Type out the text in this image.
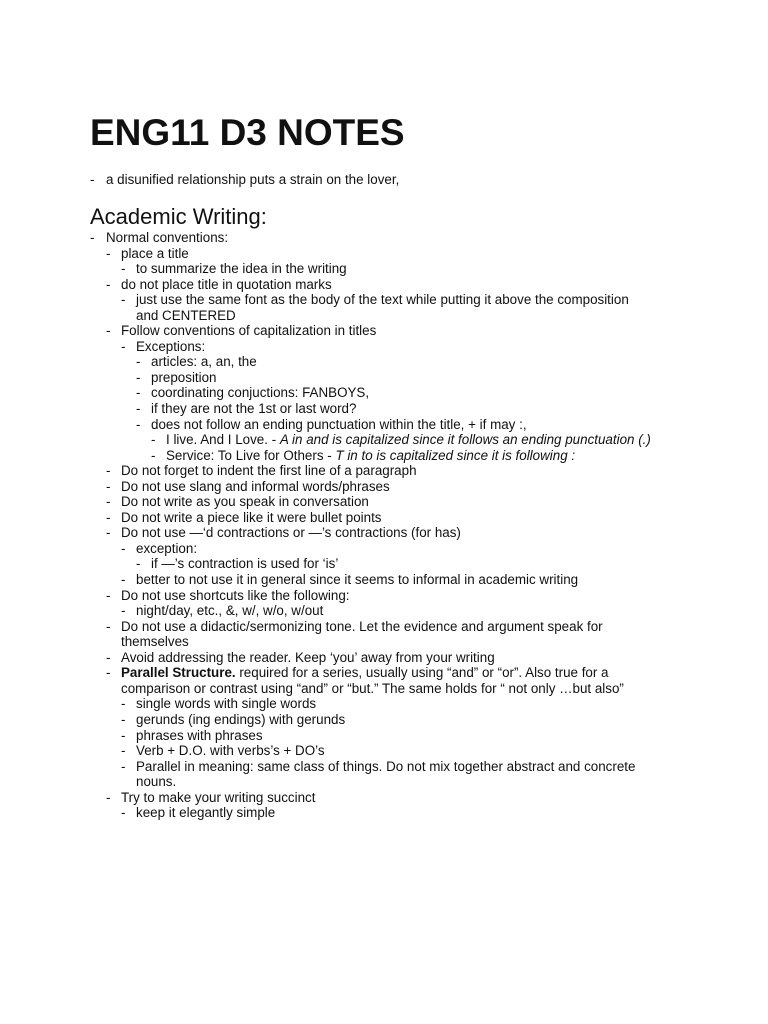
ENG11 D3 NOTES
- a disunified relationship puts a strain on the lover,
Academic Writing:
- Normal conventions:
- place a title
- to summarize the idea in the writing
- do not place title in quotation marks
- just use the same font as the body of the text while putting it above the composition
and CENTERED
- Follow conventions of capitalization in titles
- Exceptions:
- articles: a, an, the
- preposition
- coordinating conjuctions: FANBOYS,
- if they are not the 1st or last word?
- does not follow an ending punctuation within the title, + if may :,
- I live. And I Love. - A in and is capitalized since it follows an ending punctuation (.)
- Service: To Live for Others - T in to is capitalized since it is following :
- Do not forget to indent the first line of a paragraph
- Do not use slang and informal words/phrases
- Do not write as you speak in conversation
- Do not write a piece like it were bullet points
- Do not use —‘d contractions or —’s contractions (for has)
- exception:
- if —’s contraction is used for ‘is’
- better to not use it in general since it seems to informal in academic writing
- Do not use shortcuts like the following:
- night/day, etc., &, w/, w/o, w/out
- Do not use a didactic/sermonizing tone. Let the evidence and argument speak for
themselves
- Avoid addressing the reader. Keep ‘you’ away from your writing
- Parallel Structure. required for a series, usually using “and” or “or”. Also true for a
comparison or contrast using “and” or “but.” The same holds for “ not only …but also”
- single words with single words
- gerunds (ing endings) with gerunds
- phrases with phrases
- Verb + D.O. with verbs’s + DO’s
- Parallel in meaning: same class of things. Do not mix together abstract and concrete
nouns.
- Try to make your writing succinct
- keep it elegantly simple
